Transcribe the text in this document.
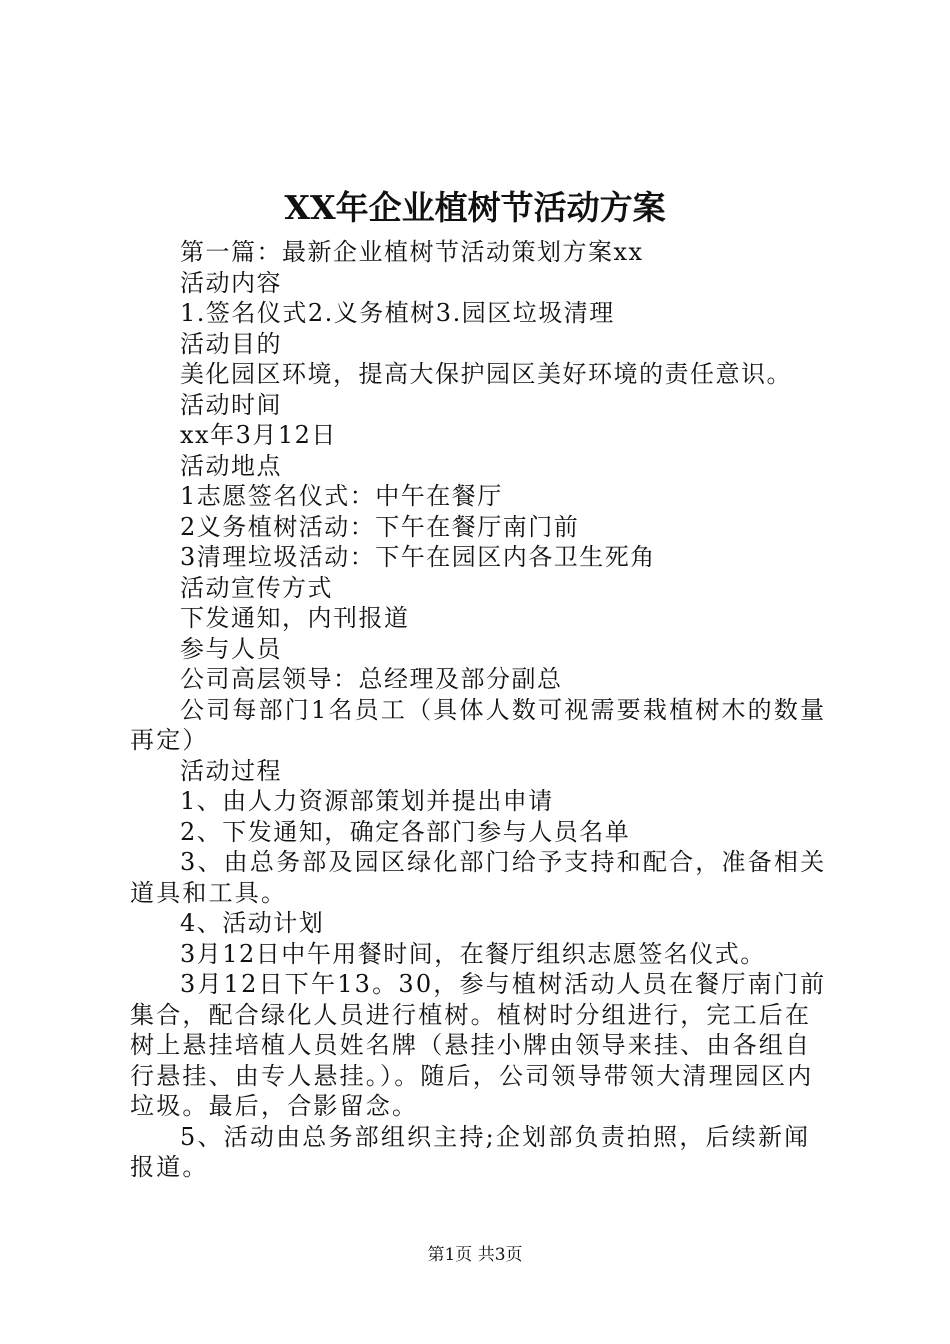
XX年企业植树节活动方案

第一篇：最新企业植树节活动策划方案xx

活动内容

1.签名仪式2.义务植树3.园区垃圾清理

活动目的

美化园区环境，提高大保护园区美好环境的责任意识。

活动时间

xx年3月12日

活动地点

1志愿签名仪式：中午在餐厅

2义务植树活动：下午在餐厅南门前

3清理垃圾活动：下午在园区内各卫生死角

活动宣传方式

下发通知，内刊报道

参与人员

公司高层领导：总经理及部分副总

公司每部门1名员工（具体人数可视需要栽植树木的数量再定）

活动过程

1、由人力资源部策划并提出申请

2、下发通知，确定各部门参与人员名单

3、由总务部及园区绿化部门给予支持和配合，准备相关道具和工具。

4、活动计划

3月12日中午用餐时间，在餐厅组织志愿签名仪式。

3月12日下午13。30，参与植树活动人员在餐厅南门前集合，配合绿化人员进行植树。植树时分组进行，完工后在树上悬挂培植人员姓名牌（悬挂小牌由领导来挂、由各组自行悬挂、由专人悬挂。）。随后，公司领导带领大清理园区内垃圾。最后，合影留念。

5、活动由总务部组织主持;企划部负责拍照，后续新闻报道。

第1页 共3页
